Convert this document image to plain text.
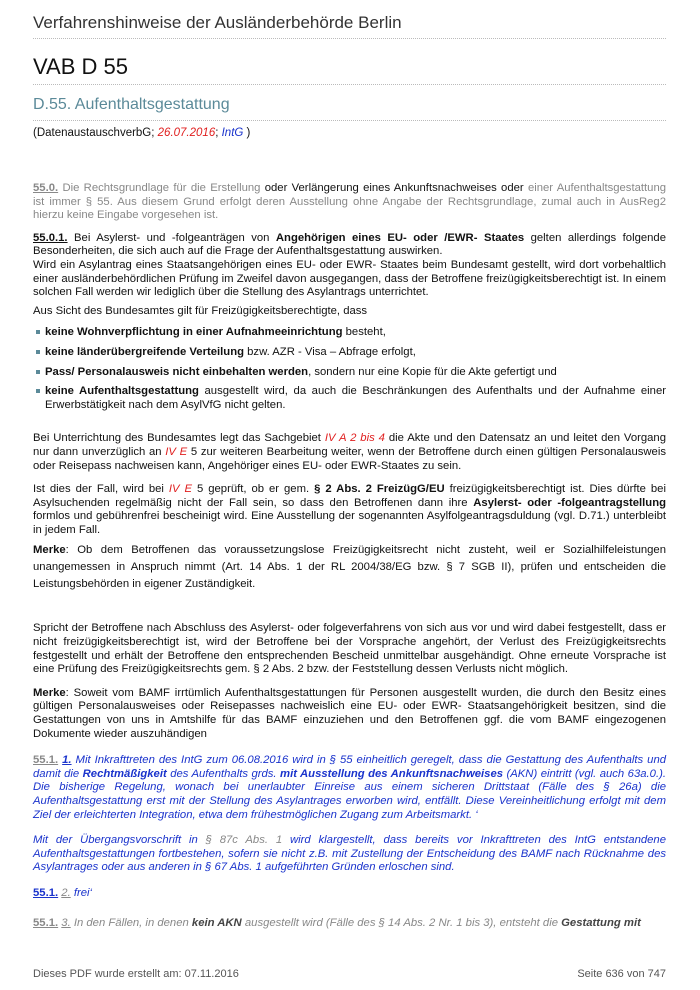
Verfahrenshinweise der Ausländerbehörde Berlin
VAB D 55
D.55. Aufenthaltsgestattung
(DatenaustauschverbG; 26.07.2016; IntG )

55.0. Die Rechtsgrundlage für die Erstellung oder Verlängerung eines Ankunftsnachweises oder einer Aufenthaltsgestattung ist immer § 55. Aus diesem Grund erfolgt deren Ausstellung ohne Angabe der Rechtsgrundlage, zumal auch in AusReg2 hierzu keine Eingabe vorgesehen ist.

55.0.1. Bei Asylerst- und -folgeanträgen von Angehörigen eines EU- oder /EWR- Staates gelten allerdings folgende Besonderheiten, die sich auch auf die Frage der Aufenthaltsgestattung auswirken.
Wird ein Asylantrag eines Staatsangehörigen eines EU- oder EWR- Staates beim Bundesamt gestellt, wird dort vorbehaltlich einer ausländerbehördlichen Prüfung im Zweifel davon ausgegangen, dass der Betroffene freizügigkeitsberechtigt ist. In einem solchen Fall werden wir lediglich über die Stellung des Asylantrags unterrichtet.

Aus Sicht des Bundesamtes gilt für Freizügigkeitsberechtigte, dass

keine Wohnverpflichtung in einer Aufnahmeeinrichtung besteht,
keine länderübergreifende Verteilung bzw. AZR - Visa – Abfrage erfolgt,
Pass/ Personalausweis nicht einbehalten werden, sondern nur eine Kopie für die Akte gefertigt und
keine Aufenthaltsgestattung ausgestellt wird, da auch die Beschränkungen des Aufenthalts und der Aufnahme einer Erwerbstätigkeit nach dem AsylVfG nicht gelten.

Bei Unterrichtung des Bundesamtes legt das Sachgebiet IV A 2 bis 4 die Akte und den Datensatz an und leitet den Vorgang nur dann unverzüglich an IV E 5 zur weiteren Bearbeitung weiter, wenn der Betroffene durch einen gültigen Personalausweis oder Reisepass nachweisen kann, Angehöriger eines EU- oder EWR-Staates zu sein.

Ist dies der Fall, wird bei IV E 5 geprüft, ob er gem. § 2 Abs. 2 FreizügG/EU freizügigkeitsberechtigt ist. Dies dürfte bei Asylsuchenden regelmäßig nicht der Fall sein, so dass den Betroffenen dann ihre Asylerst- oder -folgeantragstellung formlos und gebührenfrei bescheinigt wird. Eine Ausstellung der sogenannten Asylfolgeantragsduldung (vgl. D.71.) unterbleibt in jedem Fall.

Merke: Ob dem Betroffenen das voraussetzungslose Freizügigkeitsrecht nicht zusteht, weil er Sozialhilfeleistungen unangemessen in Anspruch nimmt (Art. 14 Abs. 1 der RL 2004/38/EG bzw. § 7 SGB II), prüfen und entscheiden die Leistungsbehörden in eigener Zuständigkeit.

Spricht der Betroffene nach Abschluss des Asylerst- oder folgeverfahrens von sich aus vor und wird dabei festgestellt, dass er nicht freizügigkeitsberechtigt ist, wird der Betroffene bei der Vorsprache angehört, der Verlust des Freizügigkeitsrechts festgestellt und erhält der Betroffene den entsprechenden Bescheid unmittelbar ausgehändigt. Ohne erneute Vorsprache ist eine Prüfung des Freizügigkeitsrechts gem. § 2 Abs. 2 bzw. der Feststellung dessen Verlusts nicht möglich.

Merke: Soweit vom BAMF irrtümlich Aufenthaltsgestattungen für Personen ausgestellt wurden, die durch den Besitz eines gültigen Personalausweises oder Reisepasses nachweislich eine EU- oder EWR- Staatsangehörigkeit besitzen, sind die Gestattungen von uns in Amtshilfe für das BAMF einzuziehen und den Betroffenen ggf. die vom BAMF eingezogenen Dokumente wieder auszuhändigen

55.1. 1. Mit Inkrafttreten des IntG zum 06.08.2016 wird in § 55 einheitlich geregelt, dass die Gestattung des Aufenthalts und damit die Rechtmäßigkeit des Aufenthalts grds. mit Ausstellung des Ankunftsnachweises (AKN) eintritt (vgl. auch 63a.0.). Die bisherige Regelung, wonach bei unerlaubter Einreise aus einem sicheren Drittstaat (Fälle des § 26a) die Aufenthaltsgestattung erst mit der Stellung des Asylantrages erworben wird, entfällt. Diese Vereinheitlichung erfolgt mit dem Ziel der erleichterten Integration, etwa dem frühestmöglichen Zugang zum Arbeitsmarkt. ‘

Mit der Übergangsvorschrift in § 87c Abs. 1 wird klargestellt, dass bereits vor Inkrafttreten des IntG entstandene Aufenthaltsgestattungen fortbestehen, sofern sie nicht z.B. mit Zustellung der Entscheidung des BAMF nach Rücknahme des Asylantrages oder aus anderen in § 67 Abs. 1 aufgeführten Gründen erloschen sind.

55.1. 2. frei‘

55.1. 3. In den Fällen, in denen kein AKN ausgestellt wird (Fälle des § 14 Abs. 2 Nr. 1 bis 3), entsteht die Gestattung mit

Dieses PDF wurde erstellt am: 07.11.2016	Seite 636 von 747
